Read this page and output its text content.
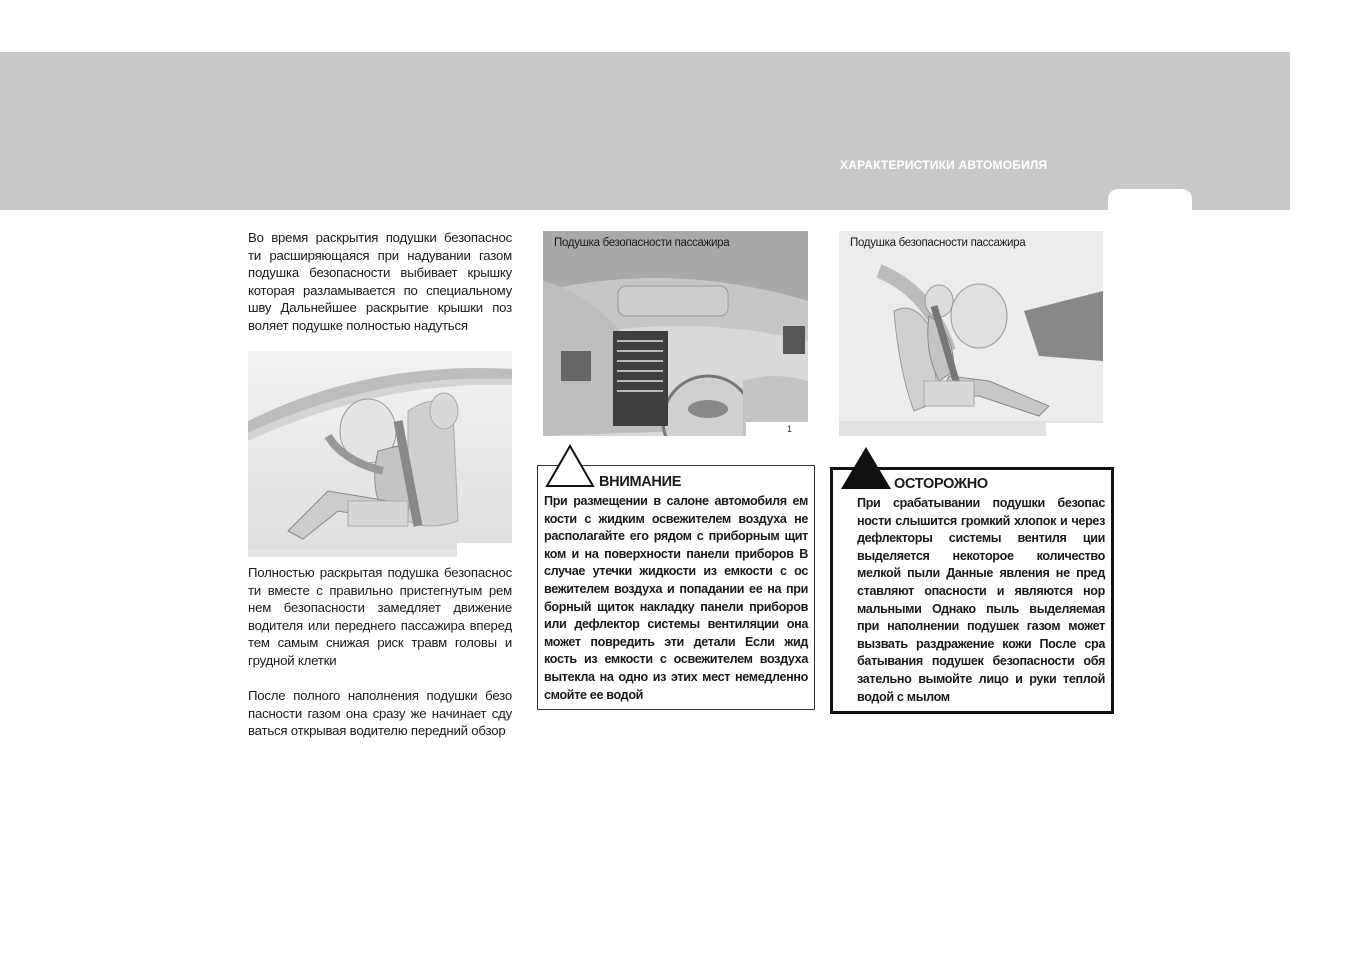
ХАРАКТЕРИСТИКИ АВТОМОБИЛЯ
Во время раскрытия подушки безопаснос ти расширяющаяся при надувании газом подушка безопасности выбивает крышку которая разламывается по специальному шву Дальнейшее раскрытие крышки поз воляет подушке полностью надуться
Полностью раскрытая подушка безопаснос ти вместе с правильно пристегнутым рем нем безопасности замедляет движение водителя или переднего пассажира вперед тем самым снижая риск травм головы и грудной клетки
После полного наполнения подушки безо пасности газом она сразу же начинает сду ваться открывая водителю передний обзор
Подушка безопасности пассажира
1
Подушка безопасности пассажира
ВНИМАНИЕ
При размещении в салоне автомобиля ем кости с жидким освежителем воздуха не располагайте его рядом с приборным щит ком и на поверхности панели приборов В случае утечки жидкости из емкости с ос вежителем воздуха и попадании ее на при борный щиток накладку панели приборов или дефлектор системы вентиляции она может повредить эти детали Если жид кость из емкости с освежителем воздуха вытекла на одно из этих мест немедленно смойте ее водой
ОСТОРОЖНО
При срабатывании подушки безопас ности слышится громкий хлопок и через дефлекторы системы вентиля ции выделяется некоторое количество мелкой пыли Данные явления не пред ставляют опасности и являются нор мальными Однако пыль выделяемая при наполнении подушек газом может вызвать раздражение кожи После сра батывания подушек безопасности обя зательно вымойте лицо и руки теплой водой с мылом
